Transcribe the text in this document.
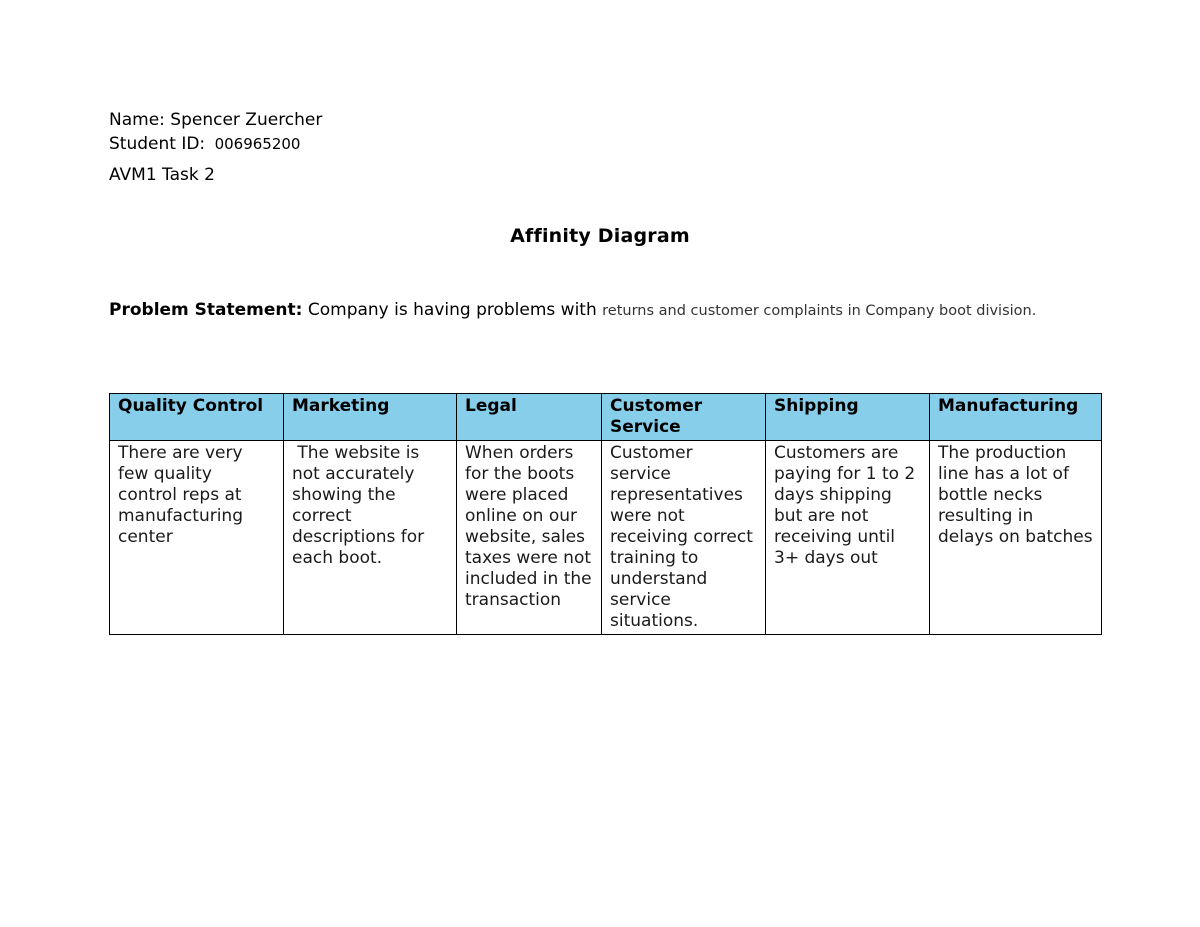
Name: Spencer Zuercher
Student ID: 006965200
AVM1 Task 2
Affinity Diagram
Problem Statement: Company is having problems with returns and customer complaints in Company boot division.
Quality Control	Marketing	Legal	Customer Service	Shipping	Manufacturing
There are very few quality control reps at manufacturing center	The website is not accurately showing the correct descriptions for each boot.	When orders for the boots were placed online on our website, sales taxes were not included in the transaction	Customer service representatives were not receiving correct training to understand service situations.	Customers are paying for 1 to 2 days shipping but are not receiving until 3+ days out	The production line has a lot of bottle necks resulting in delays on batches
